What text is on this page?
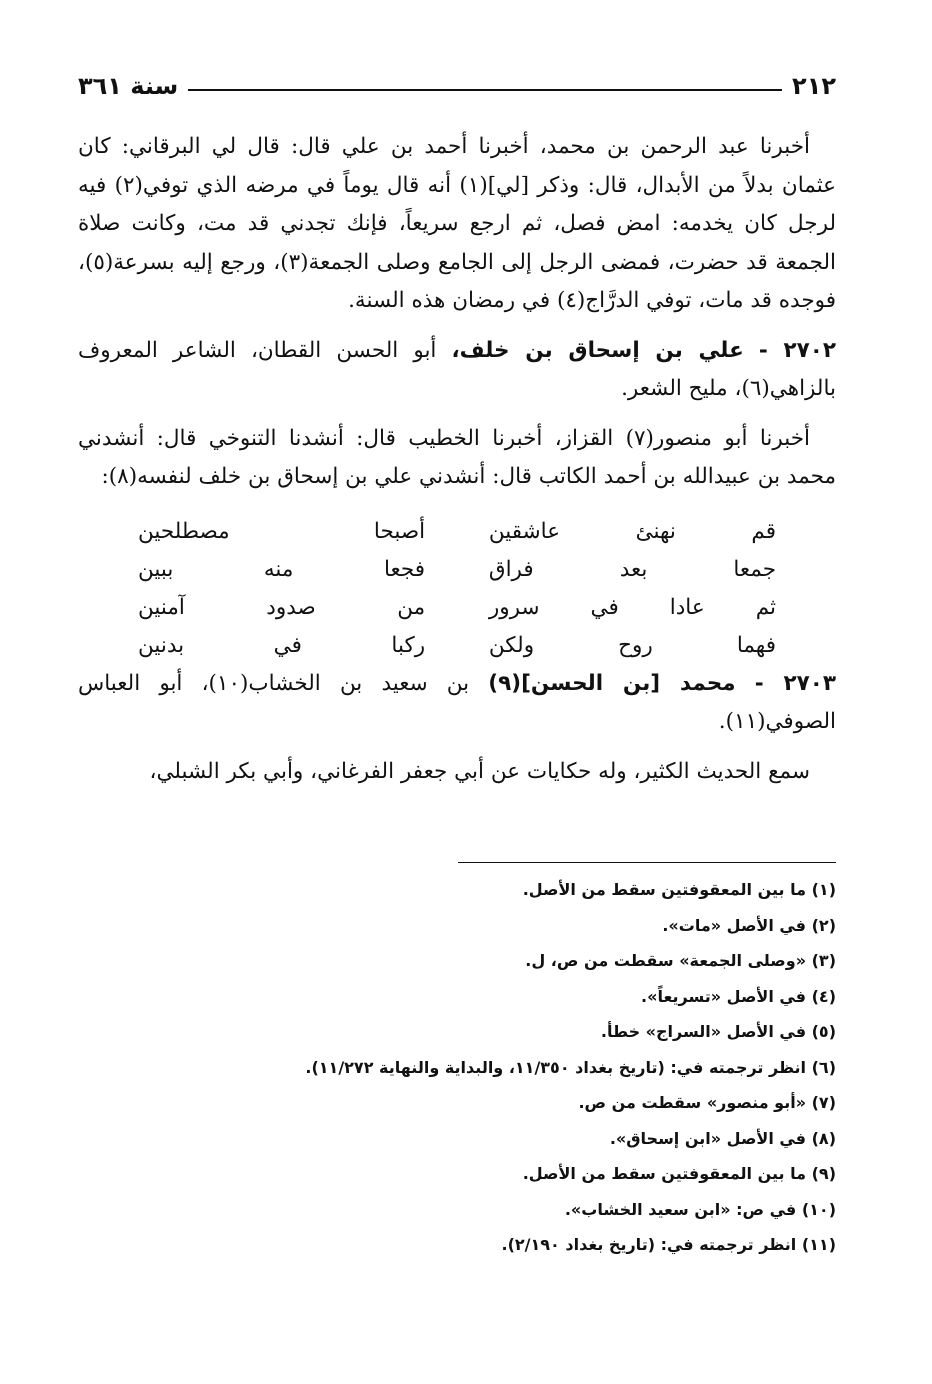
٢١٢
سنة ٣٦١

أخبرنا عبد الرحمن بن محمد، أخبرنا أحمد بن علي قال: قال لي البرقاني: كان عثمان بدلاً من الأبدال، قال: وذكر [لي](١) أنه قال يوماً في مرضه الذي توفي(٢) فيه لرجل كان يخدمه: امض فصل، ثم ارجع سريعاً، فإنك تجدني قد مت، وكانت صلاة الجمعة قد حضرت، فمضى الرجل إلى الجامع وصلى الجمعة(٣)، ورجع إليه بسرعة(٥)، فوجده قد مات، توفي الدرَّاج(٤) في رمضان هذه السنة.

٢٧٠٢ - علي بن إسحاق بن خلف، أبو الحسن القطان، الشاعر المعروف بالزاهي(٦)، مليح الشعر.

أخبرنا أبو منصور(٧) القزاز، أخبرنا الخطيب قال: أنشدنا التنوخي قال: أنشدني محمد بن عبيدالله بن أحمد الكاتب قال: أنشدني علي بن إسحاق بن خلف لنفسه(٨):

قم نهنئ عاشقين
أصبحا مصطلحين
جمعا بعد فراق
فجعا منه ببين
ثم عادا في سرور
من صدود آمنين
فهما روح ولكن
ركبا في بدنين

٢٧٠٣ - محمد [بن الحسن](٩) بن سعيد بن الخشاب(١٠)، أبو العباس الصوفي(١١).

سمع الحديث الكثير، وله حكايات عن أبي جعفر الفرغاني، وأبي بكر الشبلي،

(١) ما بين المعقوفتين سقط من الأصل.
(٢) في الأصل «مات».
(٣) «وصلى الجمعة» سقطت من ص، ل.
(٤) في الأصل «تسريعاً».
(٥) في الأصل «السراج» خطأ.
(٦) انظر ترجمته في: (تاريخ بغداد ١١/٣٥٠، والبداية والنهاية ١١/٢٧٢).
(٧) «أبو منصور» سقطت من ص.
(٨) في الأصل «ابن إسحاق».
(٩) ما بين المعقوفتين سقط من الأصل.
(١٠) في ص: «ابن سعيد الخشاب».
(١١) انظر ترجمته في: (تاريخ بغداد ٢/١٩٠).
